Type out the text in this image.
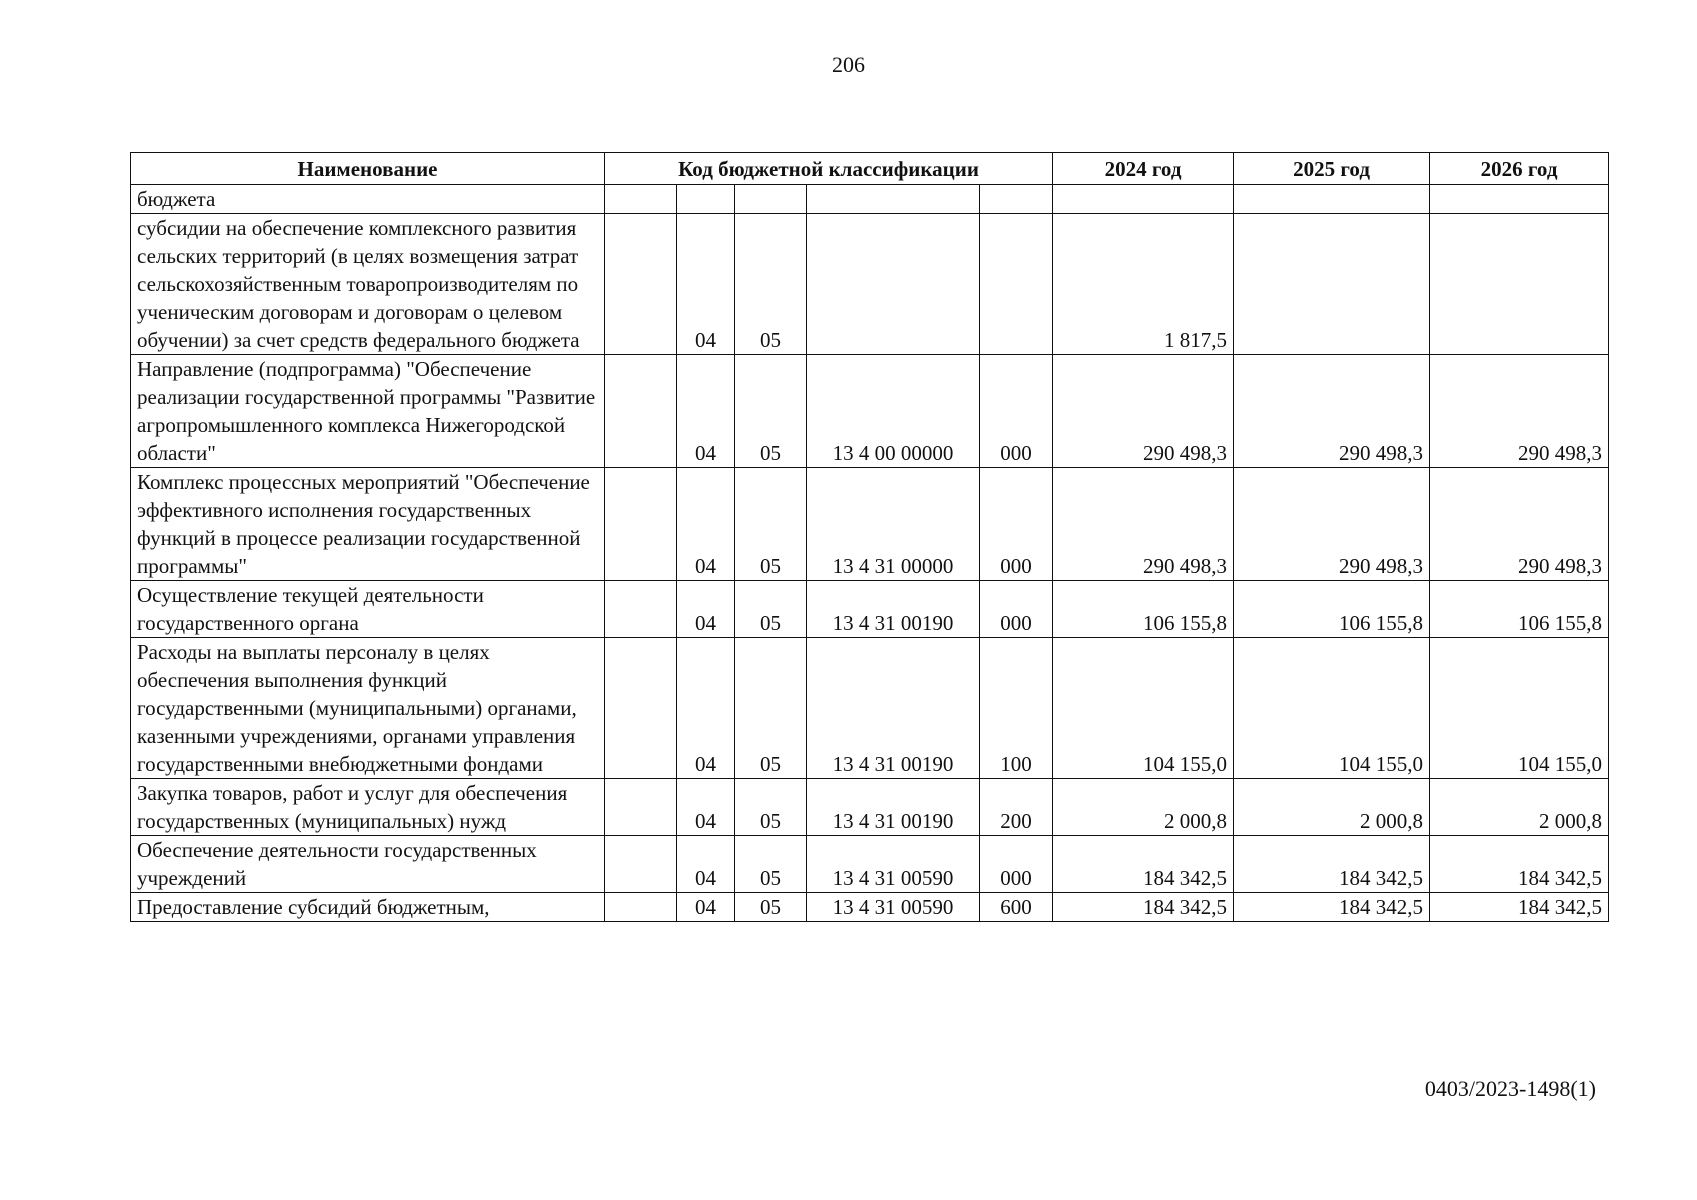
206
Наименование	Код бюджетной классификации					2024 год	2025 год	2026 год
бюджета								
субсидии на обеспечение комплексного развития сельских территорий (в целях возмещения затрат сельскохозяйственным товаропроизводителям по ученическим договорам и договорам о целевом обучении) за счет средств федерального бюджета		04	05			1 817,5		
Направление (подпрограмма) "Обеспечение реализации государственной программы "Развитие агропромышленного комплекса Нижегородской области"		04	05	13 4 00 00000	000	290 498,3	290 498,3	290 498,3
Комплекс процессных мероприятий "Обеспечение эффективного исполнения государственных функций в процессе реализации государственной программы"		04	05	13 4 31 00000	000	290 498,3	290 498,3	290 498,3
Осуществление текущей деятельности государственного органа		04	05	13 4 31 00190	000	106 155,8	106 155,8	106 155,8
Расходы на выплаты персоналу в целях обеспечения выполнения функций государственными (муниципальными) органами, казенными учреждениями, органами управления государственными внебюджетными фондами		04	05	13 4 31 00190	100	104 155,0	104 155,0	104 155,0
Закупка товаров, работ и услуг для обеспечения государственных (муниципальных) нужд		04	05	13 4 31 00190	200	2 000,8	2 000,8	2 000,8
Обеспечение деятельности государственных учреждений		04	05	13 4 31 00590	000	184 342,5	184 342,5	184 342,5
Предоставление субсидий бюджетным,		04	05	13 4 31 00590	600	184 342,5	184 342,5	184 342,5
0403/2023-1498(1)
